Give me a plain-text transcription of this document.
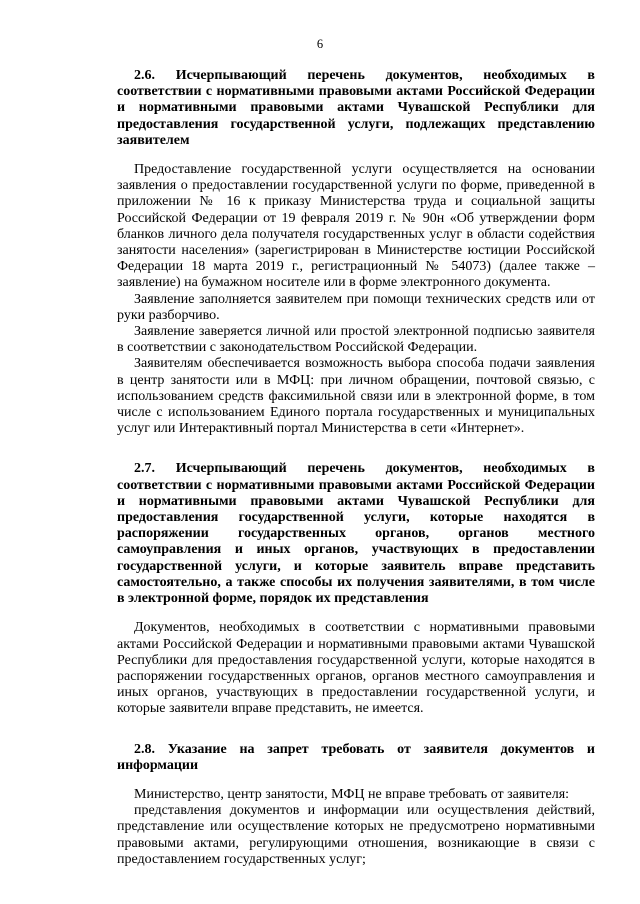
6

2.6. Исчерпывающий перечень документов, необходимых в соответствии с нормативными правовыми актами Российской Федерации и нормативными правовыми актами Чувашской Республики для предоставления государственной услуги, подлежащих представлению заявителем

Предоставление государственной услуги осуществляется на основании заявления о предоставлении государственной услуги по форме, приведенной в приложении № 16 к приказу Министерства труда и социальной защиты Российской Федерации от 19 февраля 2019 г. № 90н «Об утверждении форм бланков личного дела получателя государственных услуг в области содействия занятости населения» (зарегистрирован в Министерстве юстиции Российской Федерации 18 марта 2019 г., регистрационный № 54073) (далее также – заявление) на бумажном носителе или в форме электронного документа.

Заявление заполняется заявителем при помощи технических средств или от руки разборчиво.

Заявление заверяется личной или простой электронной подписью заявителя в соответствии с законодательством Российской Федерации.

Заявителям обеспечивается возможность выбора способа подачи заявления в центр занятости или в МФЦ: при личном обращении, почтовой связью, с использованием средств факсимильной связи или в электронной форме, в том числе с использованием Единого портала государственных и муниципальных услуг или Интерактивный портал Министерства в сети «Интернет».

2.7. Исчерпывающий перечень документов, необходимых в соответствии с нормативными правовыми актами Российской Федерации и нормативными правовыми актами Чувашской Республики для предоставления государственной услуги, которые находятся в распоряжении государственных органов, органов местного самоуправления и иных органов, участвующих в предоставлении государственной услуги, и которые заявитель вправе представить самостоятельно, а также способы их получения заявителями, в том числе в электронной форме, порядок их представления

Документов, необходимых в соответствии с нормативными правовыми актами Российской Федерации и нормативными правовыми актами Чувашской Республики для предоставления государственной услуги, которые находятся в распоряжении государственных органов, органов местного самоуправления и иных органов, участвующих в предоставлении государственной услуги, и которые заявители вправе представить, не имеется.

2.8. Указание на запрет требовать от заявителя документов и информации

Министерство, центр занятости, МФЦ не вправе требовать от заявителя:

представления документов и информации или осуществления действий, представление или осуществление которых не предусмотрено нормативными правовыми актами, регулирующими отношения, возникающие в связи с предоставлением государственных услуг;
